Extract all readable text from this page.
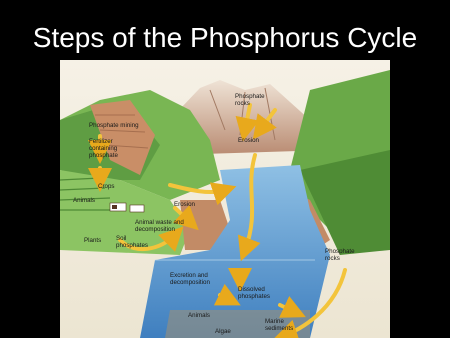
Steps of the Phosphorus Cycle
Phosphate mining
Fertilizer containing phosphate
Crops
Animals
Plants Soil phosphates
Animal waste and decomposition
Erosion
Phosphate rocks
Erosion
Excretion and decomposition
Dissolved phosphates
Animals
Algae
Marine sediments
Phosphate rocks
